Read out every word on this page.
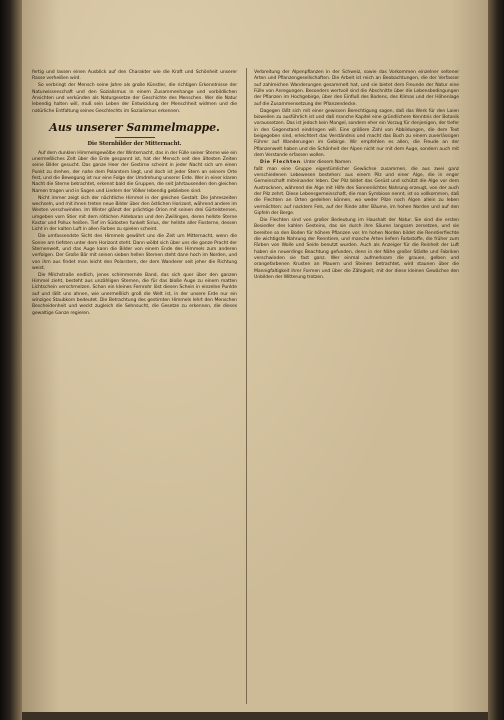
fertig und lassen einen Ausblick auf den Charakter wie die Kraft und Schönheit unserer Rasse verheißen wird.

So verbringt der Mensch seine Jahre als große Künstler, die richtigen Erkenntnisse der Naturwissenschaft und den Sozialismus in einem Zusammenhange und vorbildlichen Ansichten und verkünden als Naturgesetze der Geschichte des Menschen. Wer die Natur lebendig halten will, muß sein Leben der Entwicklung der Menschheit widmen und die natürliche Entfaltung seines Geschlechts im Sozialismus erkennen.

Aus unserer Sammelmappe.
Die Sternbilder der Mitternacht.

Auf dem dunklen Himmelsgewölbe der Winternacht, das in der Fülle seiner Sterne wie ein unermeßliches Zelt über die Erde gespannt ist, hat der Mensch seit den ältesten Zeiten seine Bilder gesucht. Das ganze Heer der Gestirne scheint in jeder Nacht sich um einen Punkt zu drehen, der nahe dem Polarstern liegt, und doch ist jeder Stern an seinem Orte fest, und die Bewegung ist nur eine Folge der Umdrehung unserer Erde. Wer in einer klaren Nacht die Sterne betrachtet, erkennt bald die Gruppen, die seit Jahrtausenden den gleichen Namen tragen und in Sagen und Liedern der Völker lebendig geblieben sind.

Nicht immer zeigt sich der nächtliche Himmel in der gleichen Gestalt. Die Jahreszeiten wechseln, und mit ihnen treten neue Bilder über den östlichen Horizont, während andere im Westen verschwinden. Im Winter glänzt der prächtige Orion mit seinen drei Gürtelsternen, umgeben vom Stier mit dem rötlichen Aldebaran und den Zwillingen, deren hellste Sterne Kastor und Pollux heißen. Tief im Südosten funkelt Sirius, der hellste aller Fixsterne, dessen Licht in der kalten Luft in allen Farben zu spielen scheint.

Die umfassendste Sicht des Himmels gewährt uns die Zeit um Mitternacht, wenn die Sonne am tiefsten unter dem Horizont steht. Dann wölbt sich über uns die ganze Pracht der Sternenwelt, und das Auge kann die Bilder von einem Ende des Himmels zum anderen verfolgen. Der Große Bär mit seinen sieben hellen Sternen steht dann hoch im Norden, und von ihm aus findet man leicht den Polarstern, der dem Wanderer seit jeher die Richtung weist.

Die Milchstraße endlich, jenes schimmernde Band, das sich quer über den ganzen Himmel zieht, besteht aus unzähligen Sternen, die für das bloße Auge zu einem matten Lichtschein verschmelzen. Schon ein kleines Fernrohr löst diesen Schein in einzelne Punkte auf und läßt uns ahnen, wie unermeßlich groß die Welt ist, in der unsere Erde nur ein winziges Staubkorn bedeutet. Die Betrachtung des gestirnten Himmels lehrt den Menschen Bescheidenheit und weckt zugleich die Sehnsucht, die Gesetze zu erkennen, die dieses gewaltige Ganze regieren.

Verbreitung der Alpenpflanzen in der Schweiz, sowie das Vorkommen einzelner seltener Arten und Pflanzengesellschaften. Die Arbeit ist reich an Beobachtungen, die der Verfasser auf zahlreichen Wanderungen gesammelt hat, und sie bietet dem Freunde der Natur eine Fülle von Anregungen. Besonders wertvoll sind die Abschnitte über die Lebensbedingungen der Pflanzen im Hochgebirge, über den Einfluß des Bodens, des Klimas und der Höhenlage auf die Zusammensetzung der Pflanzendecke.

Dagegen läßt sich mit einer gewissen Berechtigung sagen, daß das Werk für den Laien bisweilen zu ausführlich ist und daß manche Kapitel eine gründlichere Kenntnis der Botanik voraussetzen. Das ist jedoch kein Mangel, sondern eher ein Vorzug für denjenigen, der tiefer in den Gegenstand eindringen will. Eine größere Zahl von Abbildungen, die dem Text beigegeben sind, erleichtert das Verständnis und macht das Buch zu einem zuverlässigen Führer auf Wanderungen im Gebirge. Wir empfehlen es allen, die Freude an der Pflanzenwelt haben und die Schönheit der Alpen nicht nur mit dem Auge, sondern auch mit dem Verstande erfassen wollen.

Die Flechten. Unter diesem Namen

faßt man eine Gruppe eigentümlicher Gewächse zusammen, die aus zwei ganz verschiedenen Lebewesen bestehen: aus einem Pilz und einer Alge, die in enger Gemeinschaft miteinander leben. Der Pilz bildet das Gerüst und schützt die Alge vor dem Austrocknen, während die Alge mit Hilfe des Sonnenlichtes Nahrung erzeugt, von der auch der Pilz zehrt. Diese Lebensgemeinschaft, die man Symbiose nennt, ist so vollkommen, daß die Flechten an Orten gedeihen können, wo weder Pilze noch Algen allein zu leben vermöchten: auf nacktem Fels, auf der Rinde alter Bäume, im hohen Norden und auf den Gipfeln der Berge.

Die Flechten sind von großer Bedeutung im Haushalt der Natur. Sie sind die ersten Besiedler des kahlen Gesteins, das sie durch ihre Säuren langsam zersetzen, und sie bereiten so den Boden für höhere Pflanzen vor. Im hohen Norden bildet die Renntierflechte die wichtigste Nahrung der Renntiere, und manche Arten liefern Farbstoffe, die früher zum Färben von Wolle und Seide benutzt wurden. Auch als Anzeiger für die Reinheit der Luft haben sie neuerdings Beachtung gefunden, denn in der Nähe großer Städte und Fabriken verschwinden sie fast ganz. Wer einmal aufmerksam die grauen, gelben und orangefarbenen Krusten an Mauern und Steinen betrachtet, wird staunen über die Mannigfaltigkeit ihrer Formen und über die Zähigkeit, mit der diese kleinen Gewächse den Unbilden der Witterung trotzen.
